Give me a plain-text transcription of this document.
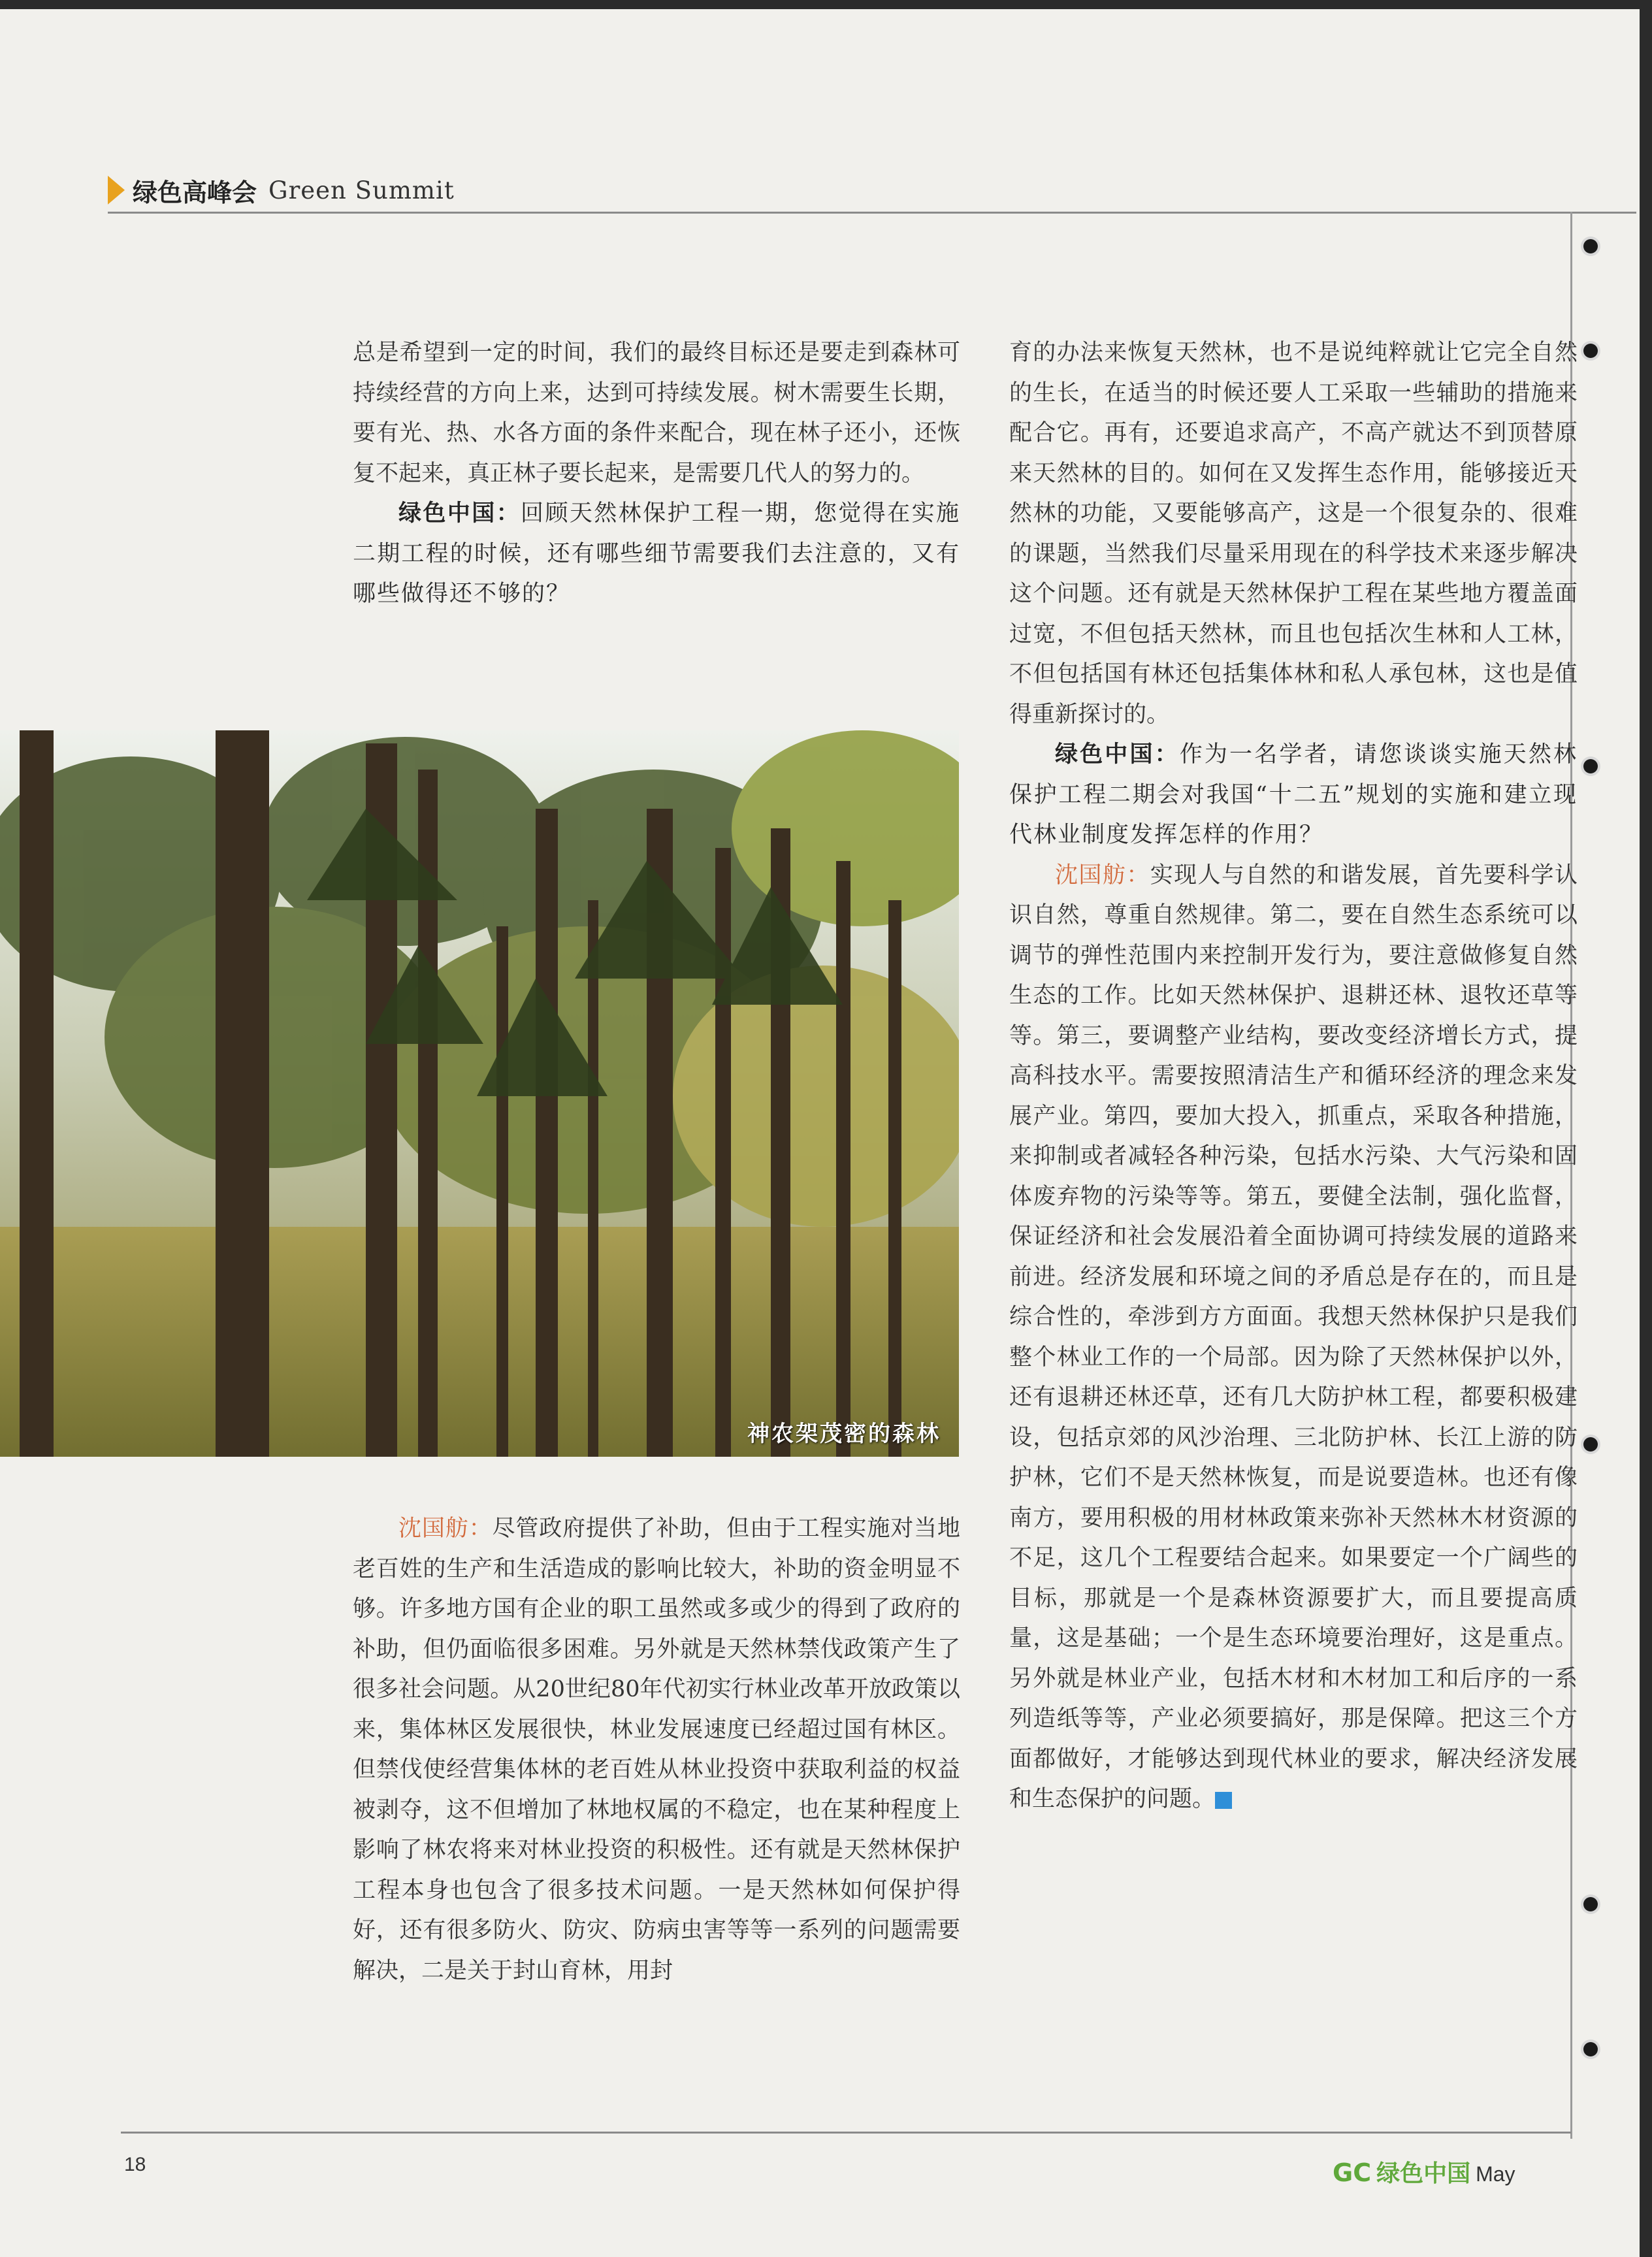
绿色高峰会 Green Summit

总是希望到一定的时间，我们的最终目标还是要走到森林可持续经营的方向上来，达到可持续发展。树木需要生长期，要有光、热、水各方面的条件来配合，现在林子还小，还恢复不起来，真正林子要长起来，是需要几代人的努力的。

绿色中国：回顾天然林保护工程一期，您觉得在实施二期工程的时候，还有哪些细节需要我们去注意的，又有哪些做得还不够的？

神农架茂密的森林

沈国舫：尽管政府提供了补助，但由于工程实施对当地老百姓的生产和生活造成的影响比较大，补助的资金明显不够。许多地方国有企业的职工虽然或多或少的得到了政府的补助，但仍面临很多困难。另外就是天然林禁伐政策产生了很多社会问题。从20世纪80年代初实行林业改革开放政策以来，集体林区发展很快，林业发展速度已经超过国有林区。但禁伐使经营集体林的老百姓从林业投资中获取利益的权益被剥夺，这不但增加了林地权属的不稳定，也在某种程度上影响了林农将来对林业投资的积极性。还有就是天然林保护工程本身也包含了很多技术问题。一是天然林如何保护得好，还有很多防火、防灾、防病虫害等等一系列的问题需要解决，二是关于封山育林，用封

育的办法来恢复天然林，也不是说纯粹就让它完全自然的生长，在适当的时候还要人工采取一些辅助的措施来配合它。再有，还要追求高产，不高产就达不到顶替原来天然林的目的。如何在又发挥生态作用，能够接近天然林的功能，又要能够高产，这是一个很复杂的、很难的课题，当然我们尽量采用现在的科学技术来逐步解决这个问题。还有就是天然林保护工程在某些地方覆盖面过宽，不但包括天然林，而且也包括次生林和人工林，不但包括国有林还包括集体林和私人承包林，这也是值得重新探讨的。

绿色中国：作为一名学者，请您谈谈实施天然林保护工程二期会对我国“十二五”规划的实施和建立现代林业制度发挥怎样的作用？

沈国舫：实现人与自然的和谐发展，首先要科学认识自然，尊重自然规律。第二，要在自然生态系统可以调节的弹性范围内来控制开发行为，要注意做修复自然生态的工作。比如天然林保护、退耕还林、退牧还草等等。第三，要调整产业结构，要改变经济增长方式，提高科技水平。需要按照清洁生产和循环经济的理念来发展产业。第四，要加大投入，抓重点，采取各种措施，来抑制或者减轻各种污染，包括水污染、大气污染和固体废弃物的污染等等。第五，要健全法制，强化监督，保证经济和社会发展沿着全面协调可持续发展的道路来前进。经济发展和环境之间的矛盾总是存在的，而且是综合性的，牵涉到方方面面。我想天然林保护只是我们整个林业工作的一个局部。因为除了天然林保护以外，还有退耕还林还草，还有几大防护林工程，都要积极建设，包括京郊的风沙治理、三北防护林、长江上游的防护林，它们不是天然林恢复，而是说要造林。也还有像南方，要用积极的用材林政策来弥补天然林木材资源的不足，这几个工程要结合起来。如果要定一个广阔些的目标，那就是一个是森林资源要扩大，而且要提高质量，这是基础；一个是生态环境要治理好，这是重点。另外就是林业产业，包括木材和木材加工和后序的一系列造纸等等，产业必须要搞好，那是保障。把这三个方面都做好，才能够达到现代林业的要求，解决经济发展和生态保护的问题。

18	GC 绿色中国 May
